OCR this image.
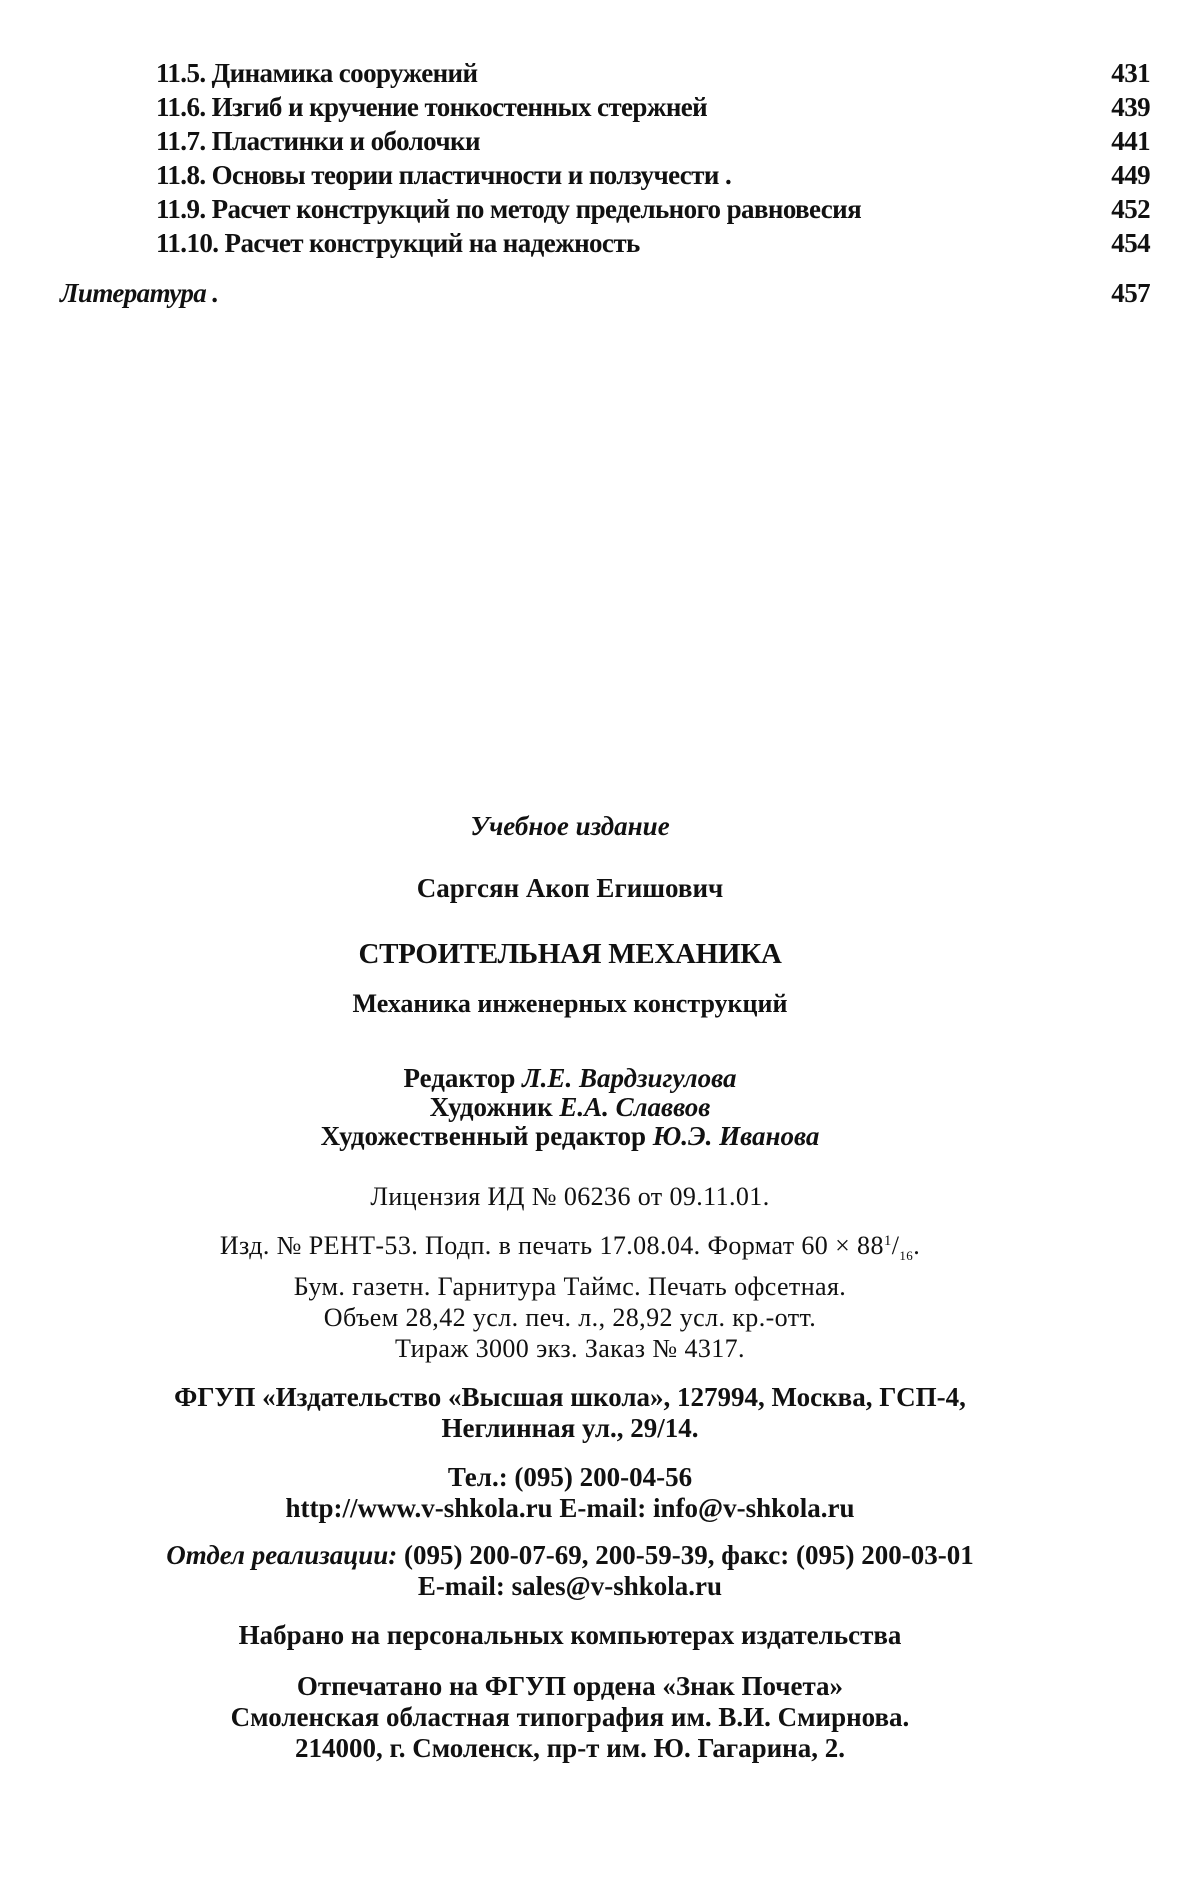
11.5. Динамика сооружений	431
11.6. Изгиб и кручение тонкостенных стержней	439
11.7. Пластинки и оболочки	441
11.8. Основы теории пластичности и ползучести .	449
11.9. Расчет конструкций по методу предельного равновесия	452
11.10. Расчет конструкций на надежность	454
Литература .	457
Учебное издание
Саргсян Акоп Егишович
СТРОИТЕЛЬНАЯ МЕХАНИКА
Механика инженерных конструкций
Редактор Л.Е. Вардзигулова
Художник Е.А. Славвов
Художественный редактор Ю.Э. Иванова
Лицензия ИД № 06236 от 09.11.01.
Изд. № РЕНТ-53. Подп. в печать 17.08.04. Формат $60 \times 88^1/_{16}$.
Бум. газетн. Гарнитура Таймс. Печать офсетная.
Объем 28,42 усл. печ. л., 28,92 усл. кр.-отт.
Тираж 3000 экз. Заказ № 4317.
ФГУП «Издательство «Высшая школа», 127994, Москва, ГСП-4,
Неглинная ул., 29/14.
Тел.: (095) 200-04-56
http://www.v-shkola.ru E-mail: info@v-shkola.ru
Отдел реализации: (095) 200-07-69, 200-59-39, факс: (095) 200-03-01
E-mail: sales@v-shkola.ru
Набрано на персональных компьютерах издательства
Отпечатано на ФГУП ордена «Знак Почета»
Смоленская областная типография им. В.И. Смирнова.
214000, г. Смоленск, пр-т им. Ю. Гагарина, 2.
